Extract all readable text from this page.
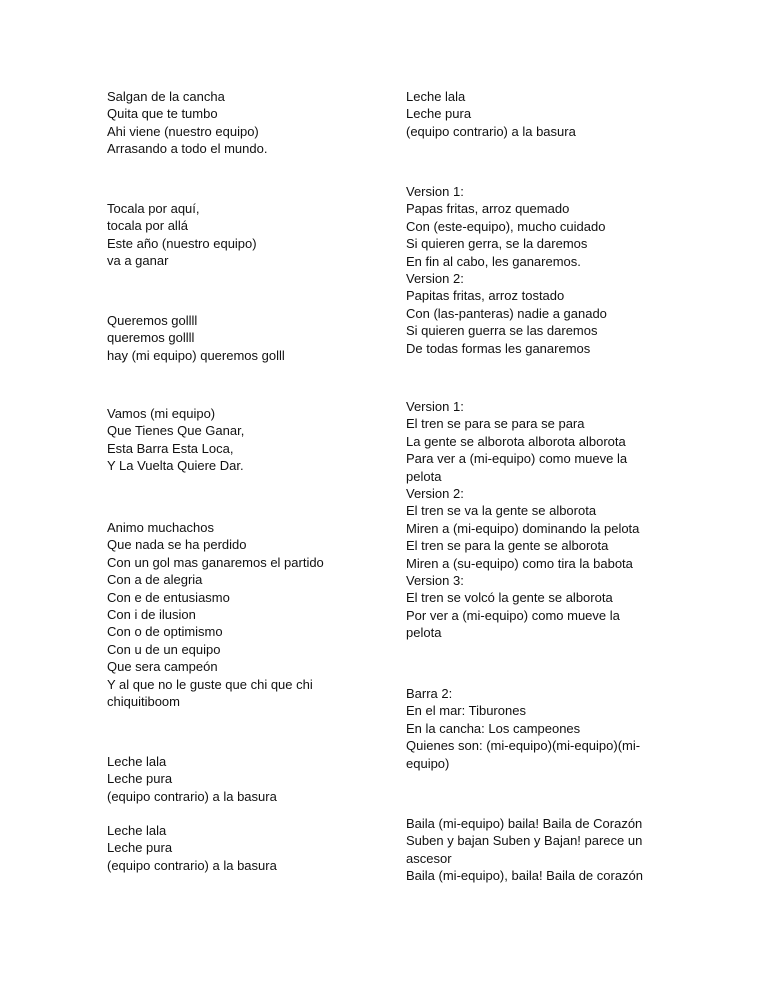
Salgan de la cancha
Quita que te tumbo
Ahi viene (nuestro equipo)
Arrasando a todo el mundo.
Tocala por aquí,
tocala por allá
Este año (nuestro equipo)
va a ganar
Queremos gollll
queremos gollll
hay (mi equipo) queremos golll
Vamos (mi equipo)
Que Tienes Que Ganar,
Esta Barra Esta Loca,
Y La Vuelta Quiere Dar.
Animo muchachos
Que nada se ha perdido
Con un gol mas ganaremos el partido
Con a de alegria
Con e de entusiasmo
Con i de ilusion
Con o de optimismo
Con u de un equipo
Que sera campeón
Y al que no le guste que chi que chi
chiquitiboom
Leche lala
Leche pura
(equipo contrario) a la basura
Leche lala
Leche pura
(equipo contrario) a la basura
Leche lala
Leche pura
(equipo contrario) a la basura
Version 1:
Papas fritas, arroz quemado
Con (este-equipo), mucho cuidado
Si quieren gerra, se la daremos
En fin al cabo, les ganaremos.
Version 2:
Papitas fritas, arroz tostado
Con (las-panteras) nadie a ganado
Si quieren guerra se las daremos
De todas formas les ganaremos
Version 1:
El tren se para se para se para
La gente se alborota alborota alborota
Para ver a (mi-equipo) como mueve la
pelota
Version 2:
El tren se va la gente se alborota
Miren a (mi-equipo) dominando la pelota
El tren se para la gente se alborota
Miren a (su-equipo) como tira la babota
Version 3:
El tren se volcó la gente se alborota
Por ver a (mi-equipo) como mueve la
pelota
Barra 2:
En el mar: Tiburones
En la cancha: Los campeones
Quienes son: (mi-equipo)(mi-equipo)(mi-
equipo)
Baila (mi-equipo) baila! Baila de Corazón
Suben y bajan Suben y Bajan! parece un
ascesor
Baila (mi-equipo), baila! Baila de corazón
